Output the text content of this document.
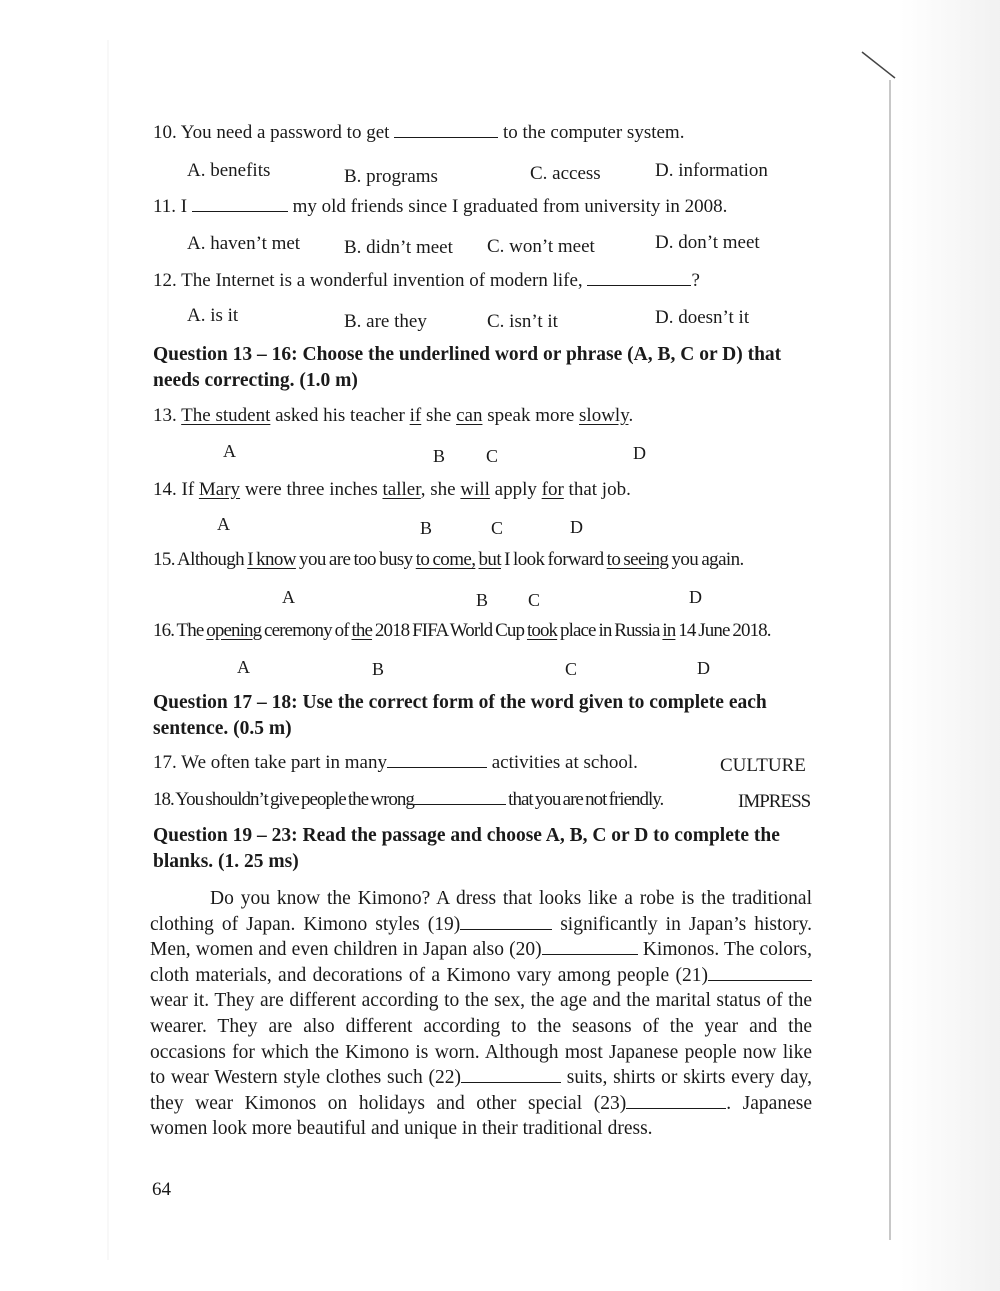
10. You need a password to get	to the computer system.
A. benefits	B. programs	C. access	D. information
11. I	my old friends since I graduated from university in 2008.
A. haven’t met B. didn’t meet C. won’t meet	D. don’t meet
12. The Internet is a wonderful invention of modern life,	?
A. is it	B. are they	C. isn’t it	D. doesn’t it
Question 13 – 16: Choose the underlined word or phrase (A, B, C or D) that
needs correcting. (1.0 m)
13. The student asked his teacher if she can speak more slowly.
A	B C	D
14. If Mary were three inches taller, she will apply for that job.
A	B	C	D
15. Although I know you are too busy to come, but I look forward to seeing you again.
A	B C	D
16. The opening ceremony of the 2018 FIFA World Cup took place in Russia in 14 June 2018.
A	B	C	D
Question 17 – 18: Use the correct form of the word given to complete each
sentence. (0.5 m)
17. We often take part in many	activities at school.	CULTURE
18. You shouldn’t give people the wrong	that you are not friendly.	IMPRESS
Question 19 – 23: Read the passage and choose A, B, C or D to complete the
blanks. (1. 25 ms)
Do you know the Kimono? A dress that looks like a robe is the traditional clothing of Japan. Kimono styles (19)	significantly in Japan’s history. Men, women and even children in Japan also (20)	Kimonos. The colors, cloth materials, and decorations of a Kimono vary among people (21)wear it. They are different according to the sex, the age and the marital status of the wearer. They are also different according to the seasons of the year and the occasions for which the Kimono is worn. Although most Japanese people now like to wear Western style clothes such (22)	suits, shirts or skirts every day, they wear Kimonos on holidays and other special (23)	. Japanese women look more beautiful and unique in their traditional dress.
64
